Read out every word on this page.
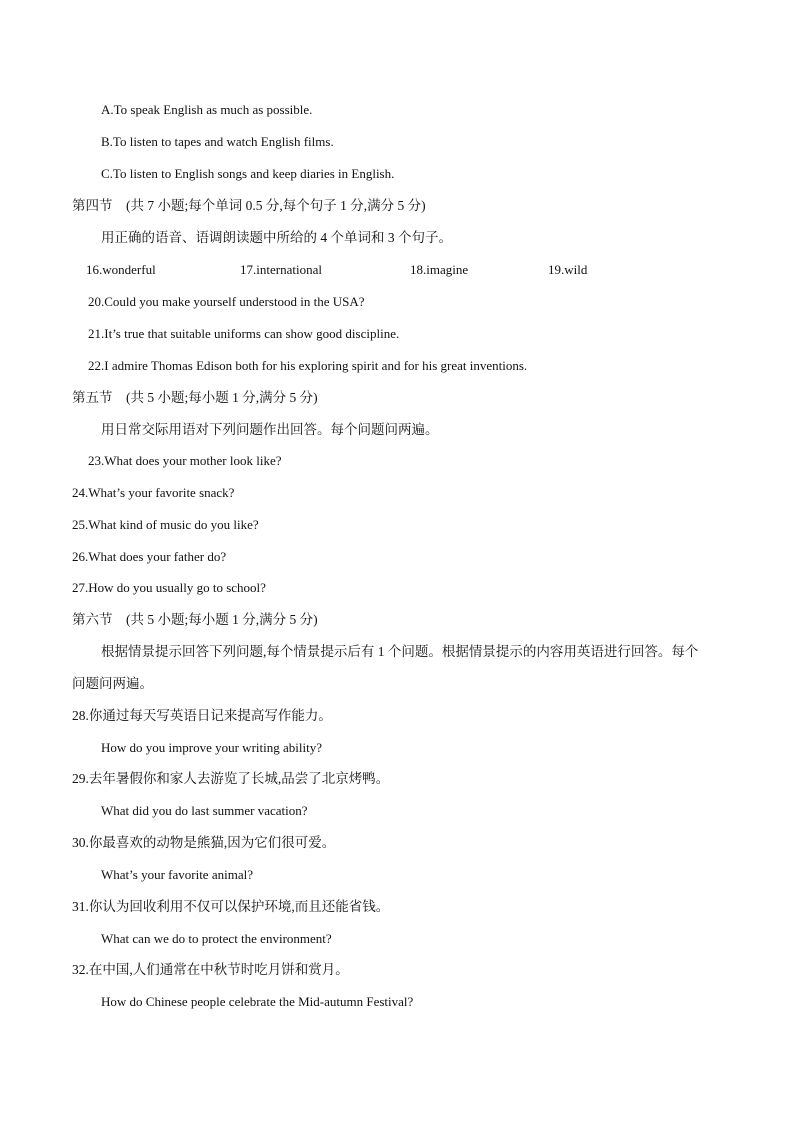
A.To speak English as much as possible.
B.To listen to tapes and watch English films.
C.To listen to English songs and keep diaries in English.
第四节　(共 7 小题;每个单词 0.5 分,每个句子 1 分,满分 5 分)
用正确的语音、语调朗读题中所给的 4 个单词和 3 个句子。
16.wonderful	17.international	18.imagine	19.wild
20.Could you make yourself understood in the USA?
21.It’s true that suitable uniforms can show good discipline.
22.I admire Thomas Edison both for his exploring spirit and for his great inventions.
第五节　(共 5 小题;每小题 1 分,满分 5 分)
用日常交际用语对下列问题作出回答。每个问题问两遍。
23.What does your mother look like?
24.What’s your favorite snack?
25.What kind of music do you like?
26.What does your father do?
27.How do you usually go to school?
第六节　(共 5 小题;每小题 1 分,满分 5 分)
根据情景提示回答下列问题,每个情景提示后有 1 个问题。根据情景提示的内容用英语进行回答。每个
问题问两遍。
28.你通过每天写英语日记来提高写作能力。
How do you improve your writing ability?
29.去年暑假你和家人去游览了长城,品尝了北京烤鸭。
What did you do last summer vacation?
30.你最喜欢的动物是熊猫,因为它们很可爱。
What’s your favorite animal?
31.你认为回收利用不仅可以保护环境,而且还能省钱。
What can we do to protect the environment?
32.在中国,人们通常在中秋节时吃月饼和赏月。
How do Chinese people celebrate the Mid-autumn Festival?
